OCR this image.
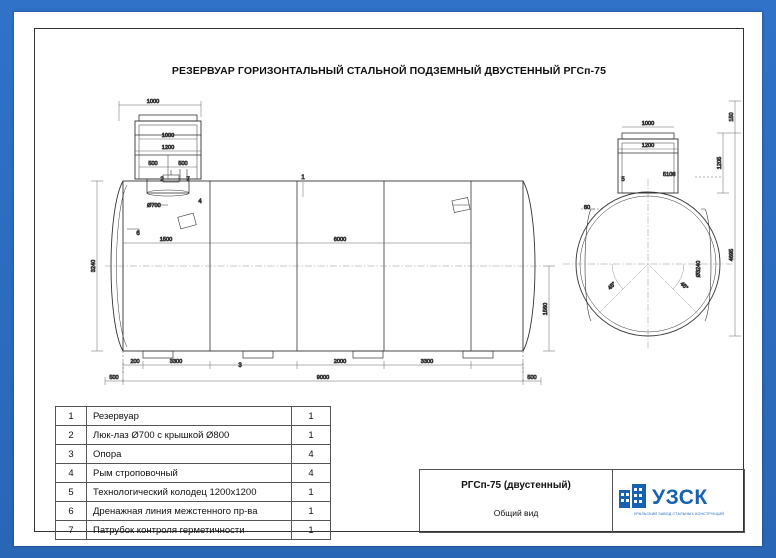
РЕЗЕРВУАР ГОРИЗОНТАЛЬНЫЙ СТАЛЬНОЙ ПОДЗЕМНЫЙ ДВУСТЕННЫЙ РГСп-75
1000
1000
1200
500	500
Ø700
1500	6000
200	3300	2000	3300
9000
500	500
3240
1560
1
2
6
7
4
3
150
1205
4695
1000
1200
5108
Ø3240
80
45°	45°
5
1	Резервуар	1
2	Люк-лаз Ø700 с крышкой Ø800	1
3	Опора	4
4	Рым строповочный	4
5	Технологический колодец 1200х1200	1
6	Дренажная линия межстенного пр-ва	1
7	Патрубок контроля герметичности	1
РГСп-75 (двустенный)
Общий вид
УЗСК
УРАЛЬСКИЙ ЗАВОД СТАЛЬНЫХ КОНСТРУКЦИЙ
